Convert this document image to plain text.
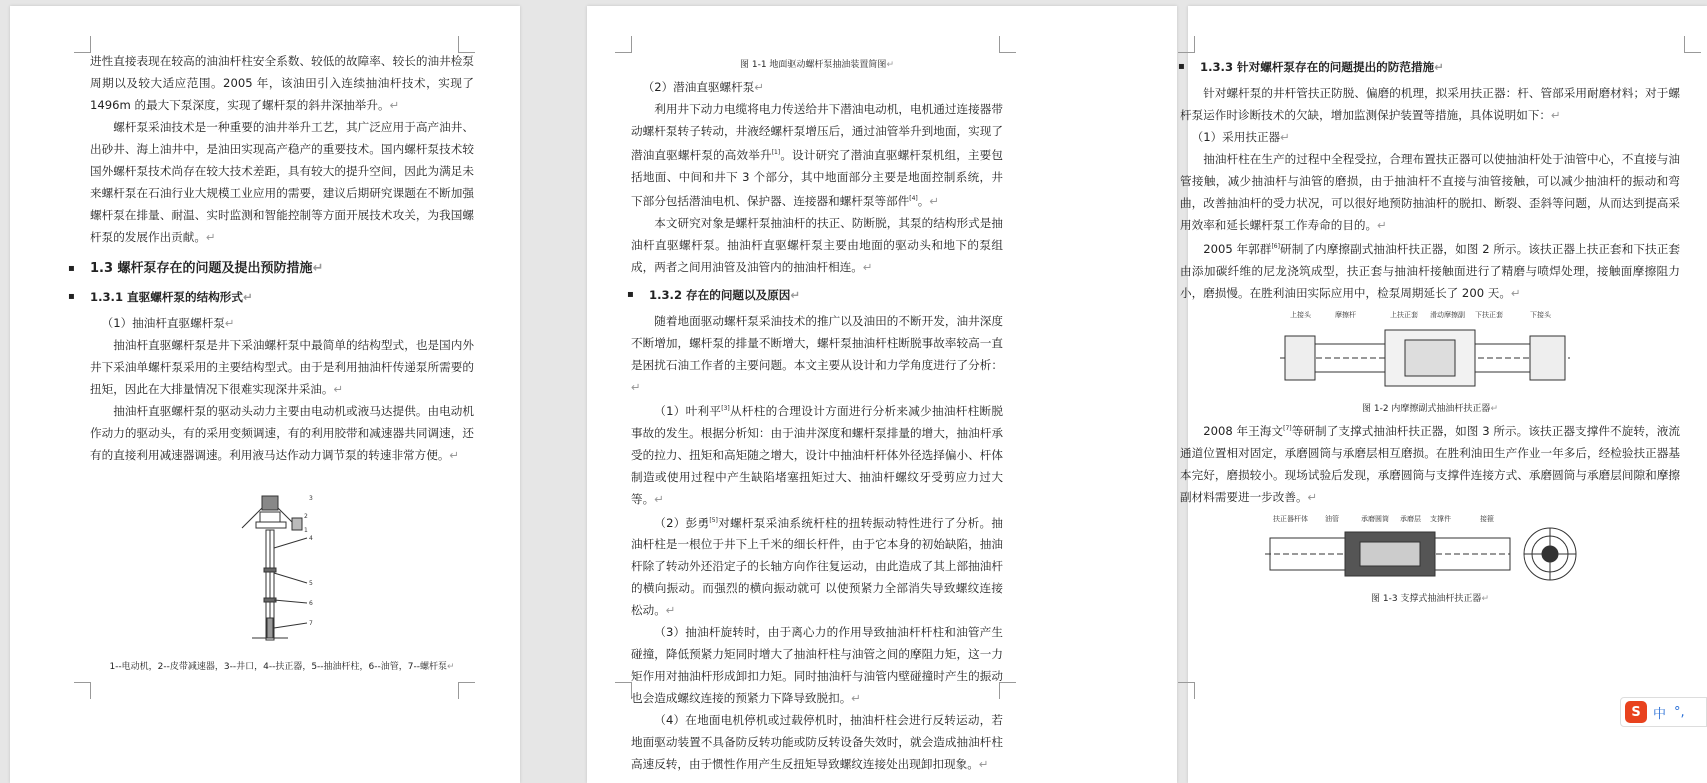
进性直接表现在较高的油油杆柱安全系数、较低的故障率、较长的油井检泵周期以及较大适应范围。2005 年，该油田引入连续抽油杆技术，实现了 1496m 的最大下泵深度，实现了螺杆泵的斜井深抽举升。↵

螺杆泵采油技术是一种重要的油井举升工艺，其广泛应用于高产油井、出砂井、海上油井中，是油田实现高产稳产的重要技术。国内螺杆泵技术较国外螺杆泵技术尚存在较大技术差距，具有较大的提升空间，因此为满足未来螺杆泵在石油行业大规模工业应用的需要，建议后期研究课题在不断加强螺杆泵在排量、耐温、实时监测和智能控制等方面开展技术攻关，为我国螺杆泵的发展作出贡献。↵

▪ 1.3 螺杆泵存在的问题及提出预防措施↵

▪ 1.3.1 直驱螺杆泵的结构形式↵

（1）抽油杆直驱螺杆泵↵

抽油杆直驱螺杆泵是井下采油螺杆泵中最简单的结构型式，也是国内外井下采油单螺杆泵采用的主要结构型式。由于是利用抽油杆传递泵所需要的扭矩，因此在大排量情况下很难实现深井采油。↵

抽油杆直驱螺杆泵的驱动头动力主要由电动机或液马达提供。由电动机作动力的驱动头，有的采用变频调速，有的利用胶带和减速器共同调速，还有的直接利用减速器调速。利用液马达作动力调节泵的转速非常方便。↵

3
2
1
4
5
6
7

1--电动机，2--皮带减速器，3--井口，4--扶正器，5--抽油杆柱，6--油管，7--螺杆泵↵

图 1-1 地面驱动螺杆泵抽油装置简图↵

（2）潜油直驱螺杆泵↵

利用井下动力电缆将电力传送给井下潜油电动机，电机通过连接器带动螺杆泵转子转动，井液经螺杆泵增压后，通过油管举升到地面，实现了潜油直驱螺杆泵的高效举升[1]。设计研究了潜油直驱螺杆泵机组，主要包括地面、中间和井下 3 个部分，其中地面部分主要是地面控制系统，井下部分包括潜油电机、保护器、连接器和螺杆泵等部件[4]。↵

本文研究对象是螺杆泵抽油杆的扶正、防断脱，其泵的结构形式是抽油杆直驱螺杆泵。抽油杆直驱螺杆泵主要由地面的驱动头和地下的泵组成，两者之间用油管及油管内的抽油杆相连。↵

▪ 1.3.2 存在的问题以及原因↵

随着地面驱动螺杆泵采油技术的推广以及油田的不断开发，油井深度不断增加，螺杆泵的排量不断增大，螺杆泵抽油杆柱断脱事故率较高一直是困扰石油工作者的主要问题。本文主要从设计和力学角度进行了分析：↵

（1）叶利平[3]从杆柱的合理设计方面进行分析来减少抽油杆柱断脱事故的发生。根据分析知：由于油井深度和螺杆泵排量的增大，抽油杆承受的拉力、扭矩和高矩随之增大，设计中抽油杆杆体外径选择偏小、杆体制造或使用过程中产生缺陷堵塞扭矩过大、抽油杆螺纹牙受剪应力过大等。↵

（2）彭勇[5]对螺杆泵采油系统杆柱的扭转振动特性进行了分析。抽油杆柱是一根位于井下上千米的细长杆件，由于它本身的初始缺陷，抽油杆除了转动外还沿定子的长轴方向作往复运动，由此造成了其上部抽油杆的横向振动。而强烈的横向振动就可 以使预紧力全部消失导致螺纹连接松动。↵

（3）抽油杆旋转时，由于离心力的作用导致抽油杆杆柱和油管产生碰撞，降低预紧力矩同时增大了抽油杆柱与油管之间的摩阻力矩，这一力矩作用对抽油杆形成卸扣力矩。同时抽油杆与油管内壁碰撞时产生的振动也会造成螺纹连接的预紧力下降导致脱扣。↵

（4）在地面电机停机或过载停机时，抽油杆柱会进行反转运动，若地面驱动装置不具备防反转功能或防反转设备失效时，就会造成抽油杆柱高速反转，由于惯性作用产生反扭矩导致螺纹连接处出现卸扣现象。↵

▪ 1.3.3 针对螺杆泵存在的问题提出的防范措施↵

针对螺杆泵的井杆管扶正防脱、偏磨的机理，拟采用扶正器：杆、管部采用耐磨材料；对于螺杆泵运作时诊断技术的欠缺，增加监测保护装置等措施，具体说明如下：↵

（1）采用扶正器↵

抽油杆柱在生产的过程中全程受拉，合理布置扶正器可以使抽油杆处于油管中心，不直接与油管接触，减少抽油杆与油管的磨损，由于抽油杆不直接与油管接触，可以减少抽油杆的振动和弯曲，改善抽油杆的受力状况，可以很好地预防抽油杆的脱扣、断裂、歪斜等问题，从而达到提高采用效率和延长螺杆泵工作寿命的目的。↵

2005 年郭群[6]研制了内摩擦副式抽油杆扶正器，如图 2 所示。该扶正器上扶正套和下扶正套由添加碳纤维的尼龙浇筑成型，扶正套与抽油杆接触面进行了精磨与喷焊处理，接触面摩擦阻力小，磨损慢。在胜利油田实际应用中，检泵周期延长了 200 天。↵

上接头	摩擦杆	上扶正套 滑动摩擦副 下扶正套	下接头

图 1-2 内摩擦副式抽油杆扶正器↵

2008 年王海文[7]等研制了支撑式抽油杆扶正器，如图 3 所示。该扶正器支撑件不旋转，液流通道位置相对固定，承磨圆筒与承磨层相互磨损。在胜利油田生产作业一年多后，经检验扶正器基本完好，磨损较小。现场试验后发现，承磨圆筒与支撑件连接方式、承磨圆筒与承磨层间隙和摩擦副材料需要进一步改善。↵

扶正器杆体 油管	承磨圆筒 承磨层 支撑件	接箍

图 1-3 支撑式抽油杆扶正器↵

S 中 °,
